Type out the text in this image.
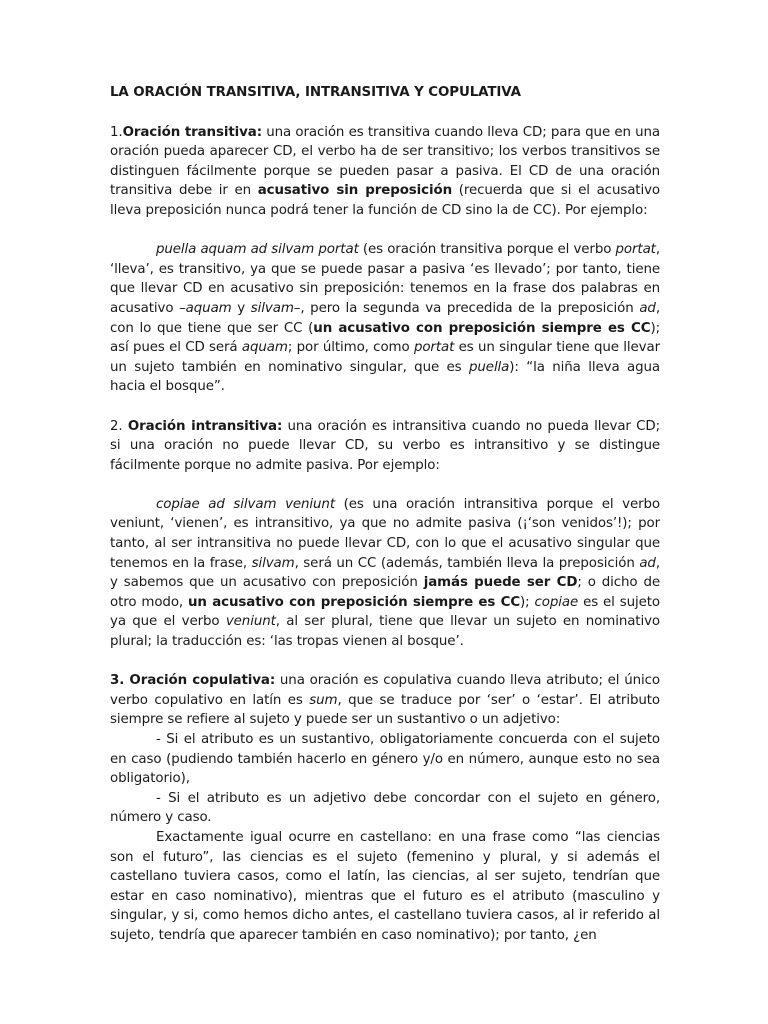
LA ORACIÓN TRANSITIVA, INTRANSITIVA Y COPULATIVA

1.Oración transitiva: una oración es transitiva cuando lleva CD; para que en una oración pueda aparecer CD, el verbo ha de ser transitivo; los verbos transitivos se distinguen fácilmente porque se pueden pasar a pasiva. El CD de una oración transitiva debe ir en acusativo sin preposición (recuerda que si el acusativo lleva preposición nunca podrá tener la función de CD sino la de CC). Por ejemplo:

puella aquam ad silvam portat (es oración transitiva porque el verbo portat, ‘lleva’, es transitivo, ya que se puede pasar a pasiva ‘es llevado’; por tanto, tiene que llevar CD en acusativo sin preposición: tenemos en la frase dos palabras en acusativo –aquam y silvam–, pero la segunda va precedida de la preposición ad, con lo que tiene que ser CC (un acusativo con preposición siempre es CC); así pues el CD será aquam; por último, como portat es un singular tiene que llevar un sujeto también en nominativo singular, que es puella): “la niña lleva agua hacia el bosque”.

2. Oración intransitiva: una oración es intransitiva cuando no pueda llevar CD; si una oración no puede llevar CD, su verbo es intransitivo y se distingue fácilmente porque no admite pasiva. Por ejemplo:

copiae ad silvam veniunt (es una oración intransitiva porque el verbo veniunt, ‘vienen’, es intransitivo, ya que no admite pasiva (¡‘son venidos’!); por tanto, al ser intransitiva no puede llevar CD, con lo que el acusativo singular que tenemos en la frase, silvam, será un CC (además, también lleva la preposición ad, y sabemos que un acusativo con preposición jamás puede ser CD; o dicho de otro modo, un acusativo con preposición siempre es CC); copiae es el sujeto ya que el verbo veniunt, al ser plural, tiene que llevar un sujeto en nominativo plural; la traducción es: ‘las tropas vienen al bosque’.

3. Oración copulativa: una oración es copulativa cuando lleva atributo; el único verbo copulativo en latín es sum, que se traduce por ‘ser’ o ‘estar’. El atributo siempre se refiere al sujeto y puede ser un sustantivo o un adjetivo:

- Si el atributo es un sustantivo, obligatoriamente concuerda con el sujeto en caso (pudiendo también hacerlo en género y/o en número, aunque esto no sea obligatorio),

- Si el atributo es un adjetivo debe concordar con el sujeto en género, número y caso.

Exactamente igual ocurre en castellano: en una frase como “las ciencias son el futuro”, las ciencias es el sujeto (femenino y plural, y si además el castellano tuviera casos, como el latín, las ciencias, al ser sujeto, tendrían que estar en caso nominativo), mientras que el futuro es el atributo (masculino y singular, y si, como hemos dicho antes, el castellano tuviera casos, al ir referido al sujeto, tendría que aparecer también en caso nominativo); por tanto, ¿en
